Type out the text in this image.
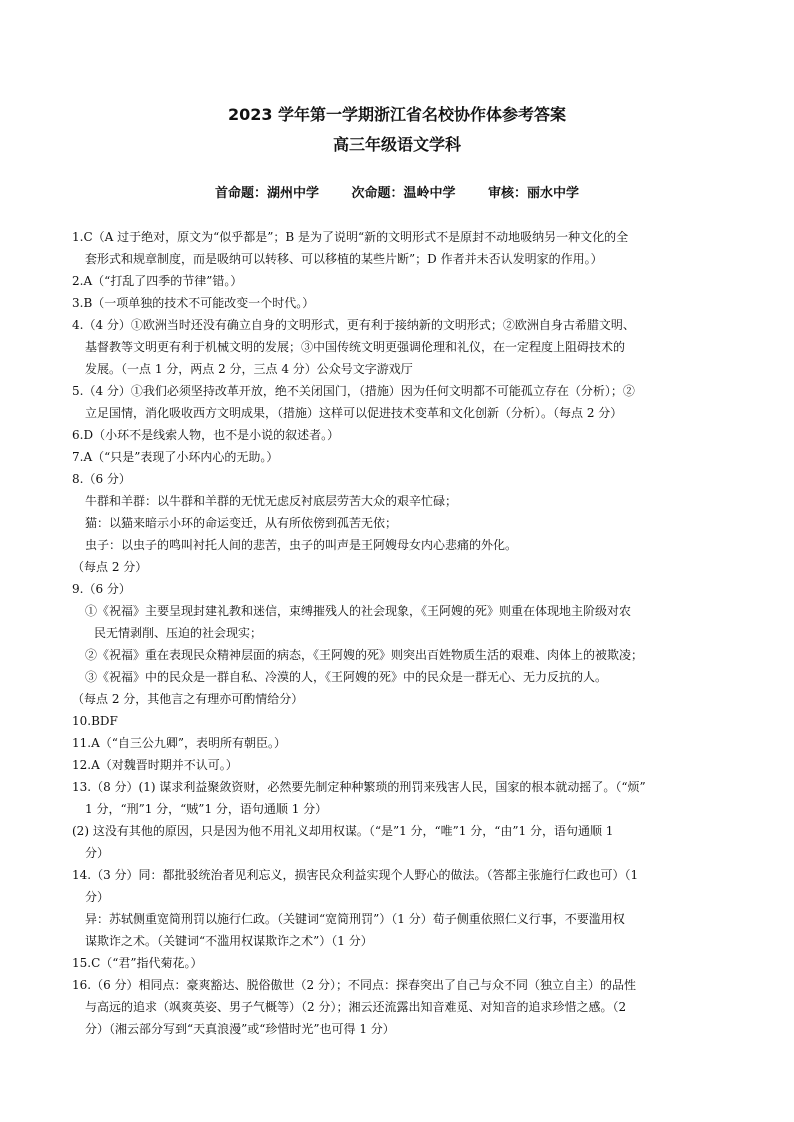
2023 学年第一学期浙江省名校协作体参考答案
高三年级语文学科
首命题：湖州中学	次命题：温岭中学	审核：丽水中学

1.C（A 过于绝对，原文为“似乎都是”；B 是为了说明“新的文明形式不是原封不动地吸纳另一种文化的全

套形式和规章制度，而是吸纳可以转移、可以移植的某些片断”；D 作者并未否认发明家的作用。）

2.A（“打乱了四季的节律”错。）

3.B（一项单独的技术不可能改变一个时代。）

4.（4 分）①欧洲当时还没有确立自身的文明形式，更有利于接纳新的文明形式；②欧洲自身古希腊文明、

基督教等文明更有利于机械文明的发展；③中国传统文明更强调伦理和礼仪，在一定程度上阻碍技术的

发展。（一点 1 分，两点 2 分，三点 4 分）公众号文字游戏厅

5.（4 分）①我们必须坚持改革开放，绝不关闭国门，（措施）因为任何文明都不可能孤立存在（分析）；②

立足国情，消化吸收西方文明成果，（措施）这样可以促进技术变革和文化创新（分析）。（每点 2 分）

6.D（小环不是线索人物，也不是小说的叙述者。）

7.A（“只是”表现了小环内心的无助。）

8.（6 分）

牛群和羊群：以牛群和羊群的无忧无虑反衬底层劳苦大众的艰辛忙碌；

猫：以猫来暗示小环的命运变迁，从有所依傍到孤苦无依；

虫子：以虫子的鸣叫衬托人间的悲苦，虫子的叫声是王阿嫂母女内心悲痛的外化。

（每点 2 分）

9.（6 分）

①《祝福》主要呈现封建礼教和迷信，束缚摧残人的社会现象，《王阿嫂的死》则重在体现地主阶级对农

民无情剥削、压迫的社会现实；

②《祝福》重在表现民众精神层面的病态，《王阿嫂的死》则突出百姓物质生活的艰难、肉体上的被欺凌；

③《祝福》中的民众是一群自私、冷漠的人，《王阿嫂的死》中的民众是一群无心、无力反抗的人。

（每点 2 分，其他言之有理亦可酌情给分）

10.BDF

11.A（“自三公九卿”，表明所有朝臣。）

12.A（对魏晋时期并不认可。）

13.（8 分）(1) 谋求利益聚敛资财，必然要先制定种种繁琐的刑罚来残害人民，国家的根本就动摇了。（“烦”

1 分，“刑”1 分，“贼”1 分，语句通顺 1 分）

(2) 这没有其他的原因，只是因为他不用礼义却用权谋。（“是”1 分，“唯”1 分，“由”1 分，语句通顺 1

分）

14.（3 分）同：都批驳统治者见利忘义，损害民众利益实现个人野心的做法。（答都主张施行仁政也可）（1

分）

异：苏轼侧重宽简刑罚以施行仁政。（关键词“宽简刑罚”）（1 分）荀子侧重依照仁义行事，不要滥用权

谋欺诈之术。（关键词“不滥用权谋欺诈之术”）（1 分）

15.C（“君”指代菊花。）

16.（6 分）相同点：豪爽豁达、脱俗傲世（2 分）；不同点：探春突出了自己与众不同（独立自主）的品性

与高远的追求（飒爽英姿、男子气概等）（2 分）；湘云还流露出知音难觅、对知音的追求珍惜之感。（2

分）（湘云部分写到“天真浪漫”或“珍惜时光”也可得 1 分）
